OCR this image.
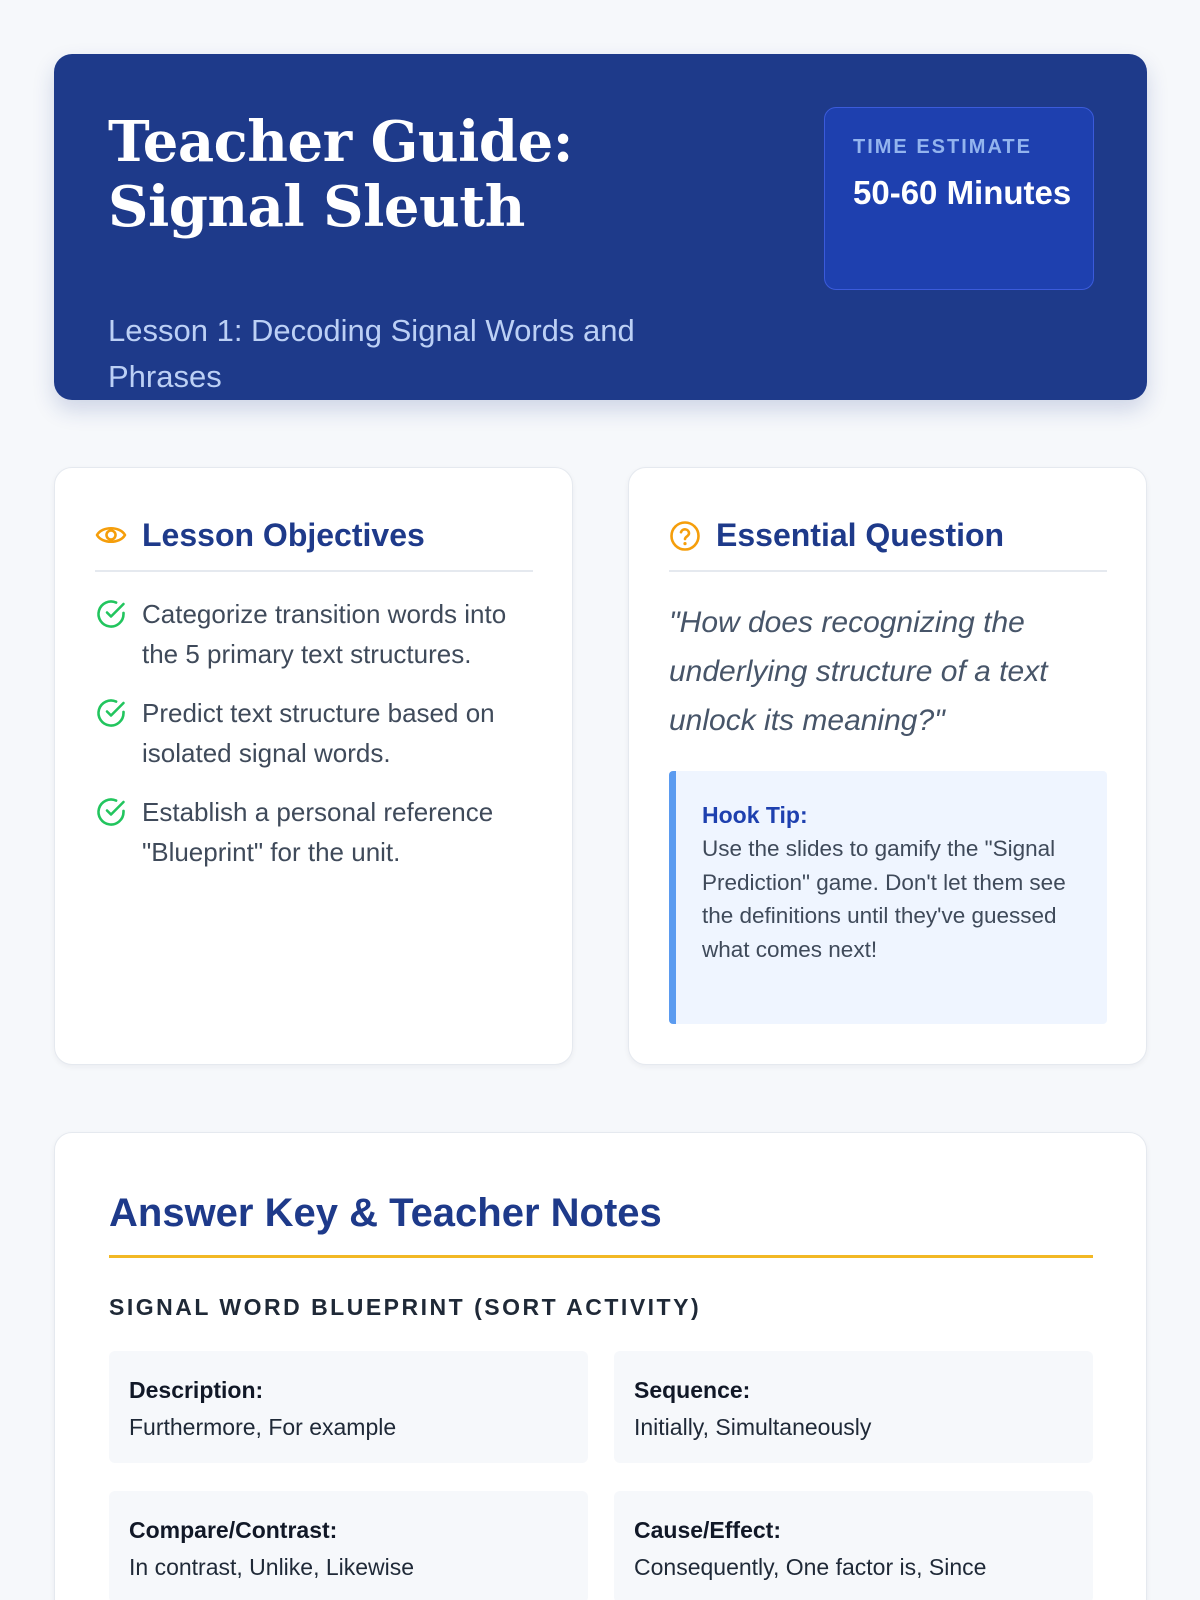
Teacher Guide: Signal Sleuth
Lesson 1: Decoding Signal Words and Phrases
TIME ESTIMATE
50-60 Minutes
Lesson Objectives
Categorize transition words into the 5 primary text structures.
Predict text structure based on isolated signal words.
Establish a personal reference "Blueprint" for the unit.
Essential Question
"How does recognizing the underlying structure of a text unlock its meaning?"
Hook Tip:
Use the slides to gamify the "Signal Prediction" game. Don't let them see the definitions until they've guessed what comes next!
Answer Key & Teacher Notes
SIGNAL WORD BLUEPRINT (SORT ACTIVITY)
Description:
Furthermore, For example
Sequence:
Initially, Simultaneously
Compare/Contrast:
In contrast, Unlike, Likewise
Cause/Effect:
Consequently, One factor is, Since
